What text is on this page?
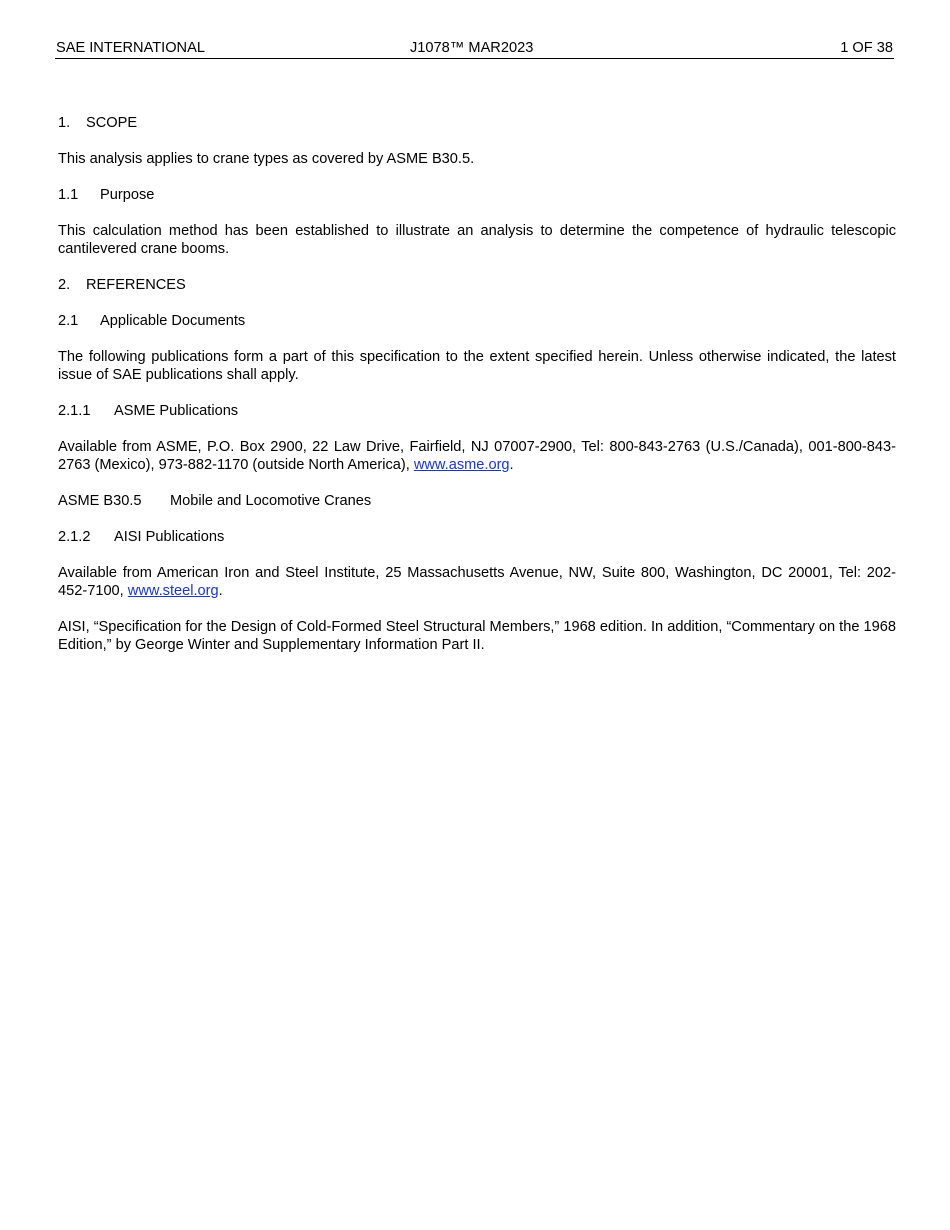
SAE INTERNATIONAL	J1078™ MAR2023	1 OF 38
1. SCOPE

This analysis applies to crane types as covered by ASME B30.5.

1.1 Purpose

This calculation method has been established to illustrate an analysis to determine the competence of hydraulic telescopic cantilevered crane booms.

2. REFERENCES
2.1 Applicable Documents

The following publications form a part of this specification to the extent specified herein. Unless otherwise indicated, the latest issue of SAE publications shall apply.

2.1.1 ASME Publications

Available from ASME, P.O. Box 2900, 22 Law Drive, Fairfield, NJ 07007-2900, Tel: 800-843-2763 (U.S./Canada), 001-800-843-2763 (Mexico), 973-882-1170 (outside North America), www.asme.org.

ASME B30.5 Mobile and Locomotive Cranes
2.1.2 AISI Publications

Available from American Iron and Steel Institute, 25 Massachusetts Avenue, NW, Suite 800, Washington, DC 20001, Tel: 202-452-7100, www.steel.org.

AISI, “Specification for the Design of Cold-Formed Steel Structural Members,” 1968 edition. In addition, “Commentary on the 1968 Edition,” by George Winter and Supplementary Information Part II.
